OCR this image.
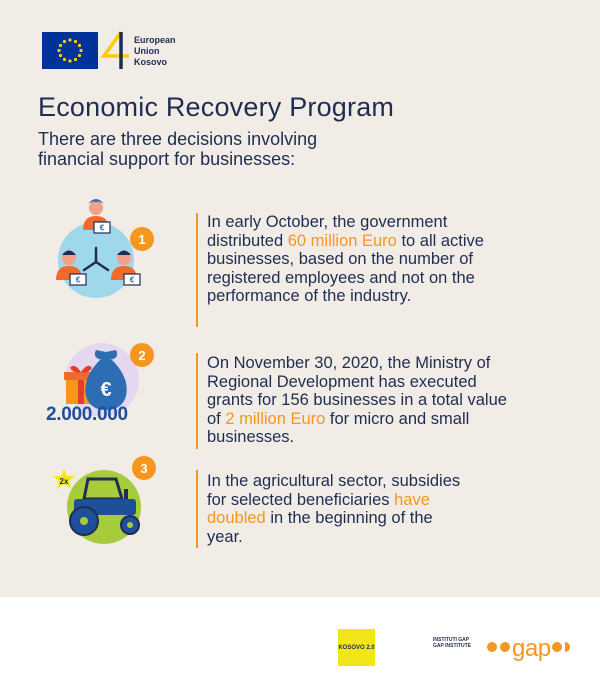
European
Union
Kosovo
Economic Recovery Program
There are three decisions involving financial support for businesses:
€
€	€
1
In early October, the government distributed 60 million Euro to all active businesses, based on the number of registered employees and not on the performance of the industry.
€
2.000.000
2	On November 30, 2020, the Ministry of Regional Development has executed grants for 156 businesses in a total value of 2 million Euro for micro and small businesses.
2x
3
In the agricultural sector, subsidies for selected beneficiaries have doubled in the beginning of the year.
KOSOVO 2.0
INSTITUTI GAP
GAP INSTITUTE gap
